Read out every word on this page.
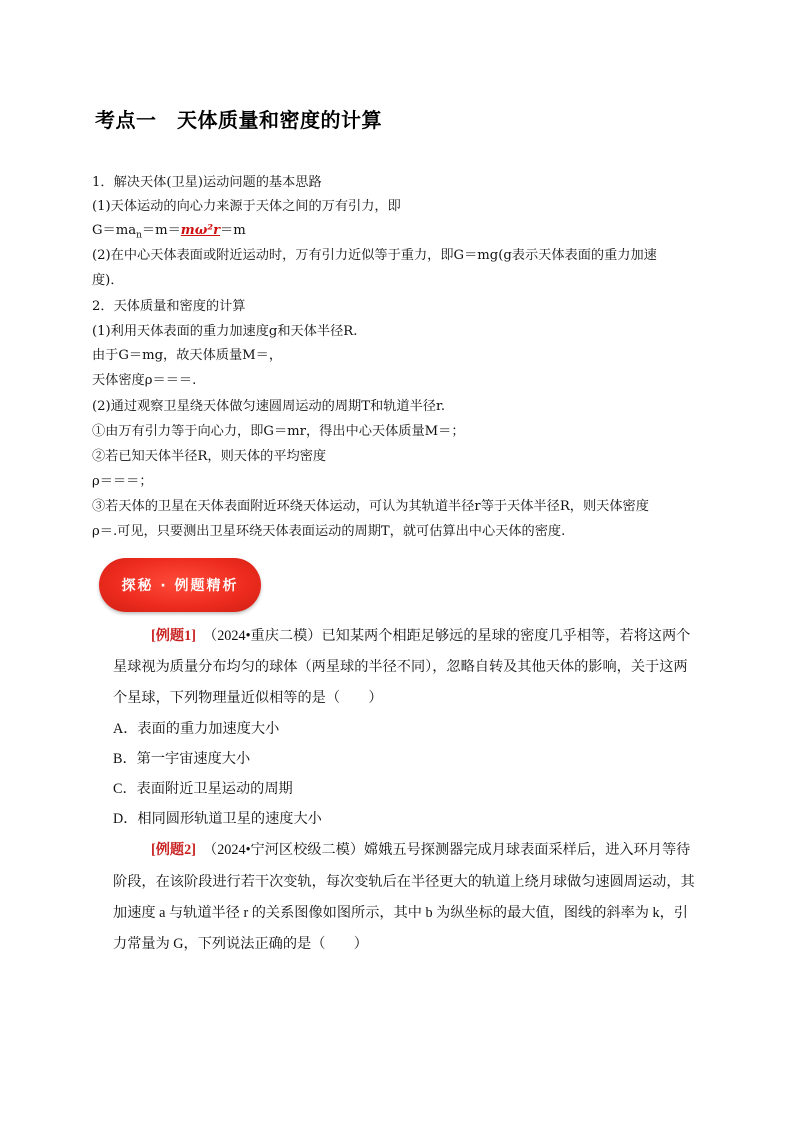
考点一　天体质量和密度的计算
1．解决天体(卫星)运动问题的基本思路
(1)天体运动的向心力来源于天体之间的万有引力，即
$G=ma_n=m=m\omega^2r=m$
(2)在中心天体表面或附近运动时，万有引力近似等于重力，即G＝mg(g表示天体表面的重力加速
度)．
2．天体质量和密度的计算
(1)利用天体表面的重力加速度g和天体半径R.
由于G＝mg，故天体质量M＝，
天体密度ρ＝＝＝.
(2)通过观察卫星绕天体做匀速圆周运动的周期T和轨道半径r.
①由万有引力等于向心力，即G＝mr，得出中心天体质量M＝；
②若已知天体半径R，则天体的平均密度
ρ＝＝＝；
③若天体的卫星在天体表面附近环绕天体运动，可认为其轨道半径r等于天体半径R，则天体密度
ρ＝.可见，只要测出卫星环绕天体表面运动的周期T，就可估算出中心天体的密度.
探秘 · 例题精析
[例题1]　（2024•重庆二模）已知某两个相距足够远的星球的密度几乎相等，若将这两个
星球视为质量分布均匀的球体（两星球的半径不同），忽略自转及其他天体的影响，关于这两
个星球，下列物理量近似相等的是（　　）
A．表面的重力加速度大小
B．第一宇宙速度大小
C．表面附近卫星运动的周期
D．相同圆形轨道卫星的速度大小
[例题2]　（2024•宁河区校级二模）嫦娥五号探测器完成月球表面采样后，进入环月等待
阶段，在该阶段进行若干次变轨，每次变轨后在半径更大的轨道上绕月球做匀速圆周运动，其
加速度 a 与轨道半径 r 的关系图像如图所示，其中 b 为纵坐标的最大值，图线的斜率为 k，引
力常量为 G，下列说法正确的是（　　）
